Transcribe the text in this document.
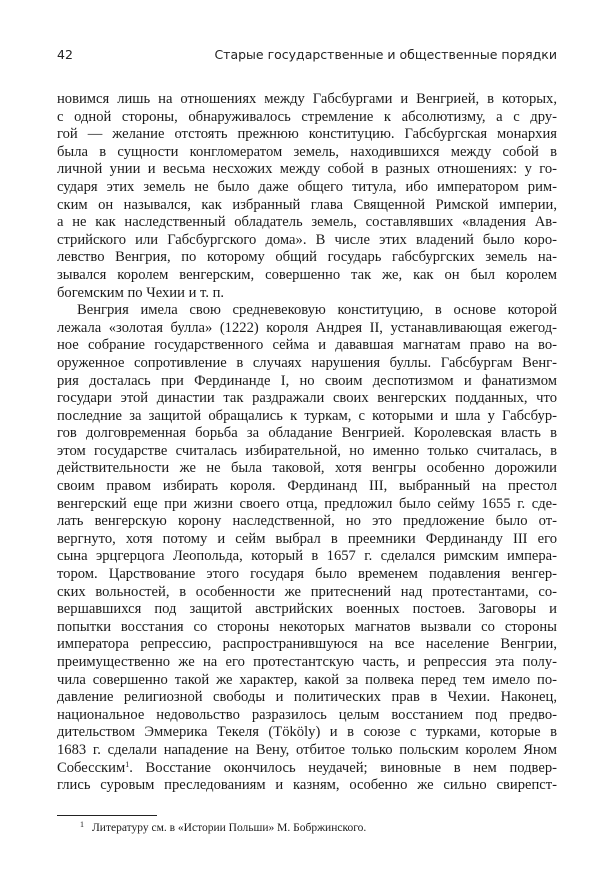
42	Старые государственные и общественные порядки
новимся лишь на отношениях между Габсбургами и Венгрией, в которых,
с одной стороны, обнаруживалось стремление к абсолютизму, а с дру-
гой — желание отстоять прежнюю конституцию. Габсбургская монархия
была в сущности конгломератом земель, находившихся между собой в
личной унии и весьма несхожих между собой в разных отношениях: у го-
сударя этих земель не было даже общего титула, ибо императором рим-
ским он назывался, как избранный глава Священной Римской империи,
а не как наследственный обладатель земель, составлявших «владения Ав-
стрийского или Габсбургского дома». В числе этих владений было коро-
левство Венгрия, по которому общий государь габсбургских земель на-
зывался королем венгерским, совершенно так же, как он был королем
богемским по Чехии и т. п.
Венгрия имела свою средневековую конституцию, в основе которой
лежала «золотая булла» (1222) короля Андрея II, устанавливающая ежегод-
ное собрание государственного сейма и дававшая магнатам право на во-
оруженное сопротивление в случаях нарушения буллы. Габсбургам Венг-
рия досталась при Фердинанде I, но своим деспотизмом и фанатизмом
государи этой династии так раздражали своих венгерских подданных, что
последние за защитой обращались к туркам, с которыми и шла у Габсбур-
гов долговременная борьба за обладание Венгрией. Королевская власть в
этом государстве считалась избирательной, но именно только считалась, в
действительности же не была таковой, хотя венгры особенно дорожили
своим правом избирать короля. Фердинанд III, выбранный на престол
венгерский еще при жизни своего отца, предложил было сейму 1655 г. сде-
лать венгерскую корону наследственной, но это предложение было от-
вергнуто, хотя потому и сейм выбрал в преемники Фердинанду III его
сына эрцгерцога Леопольда, который в 1657 г. сделался римским импера-
тором. Царствование этого государя было временем подавления венгер-
ских вольностей, в особенности же притеснений над протестантами, со-
вершавшихся под защитой австрийских военных постоев. Заговоры и
попытки восстания со стороны некоторых магнатов вызвали со стороны
императора репрессию, распространившуюся на все население Венгрии,
преимущественно же на его протестантскую часть, и репрессия эта полу-
чила совершенно такой же характер, какой за полвека перед тем имело по-
давление религиозной свободы и политических прав в Чехии. Наконец,
национальное недовольство разразилось целым восстанием под предво-
дительством Эммерика Текеля (Tököly) и в союзе с турками, которые в
1683 г. сделали нападение на Вену, отбитое только польским королем Яном
Собесским$^1$. Восстание окончилось неудачей; виновные в нем подвер-
глись суровым преследованиям и казням, особенно же сильно свирепст-
1 Литературу см. в «Истории Польши» М. Бобржинского.
